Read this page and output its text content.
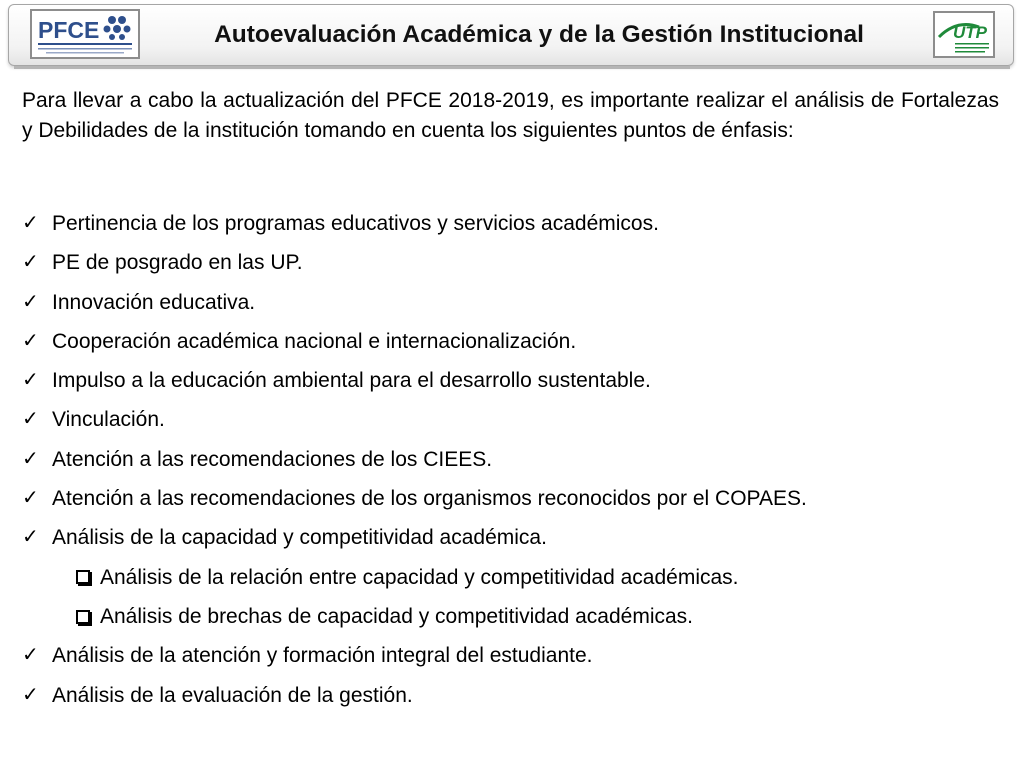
PFCE	Autoevaluación Académica y de la Gestión Institucional	UTP

Para llevar a cabo la actualización del PFCE 2018-2019, es importante realizar el análisis de Fortalezas y Debilidades de la institución tomando en cuenta los siguientes puntos de énfasis:

✓ Pertinencia de los programas educativos y servicios académicos.
✓ PE de posgrado en las UP.
✓ Innovación educativa.
✓ Cooperación académica nacional e internacionalización.
✓ Impulso a la educación ambiental para el desarrollo sustentable.
✓ Vinculación.
✓ Atención a las recomendaciones de los CIEES.
✓ Atención a las recomendaciones de los organismos reconocidos por el COPAES.
✓ Análisis de la capacidad y competitividad académica.
Análisis de la relación entre capacidad y competitividad académicas.
Análisis de brechas de capacidad y competitividad académicas.
✓ Análisis de la atención y formación integral del estudiante.
✓ Análisis de la evaluación de la gestión.
